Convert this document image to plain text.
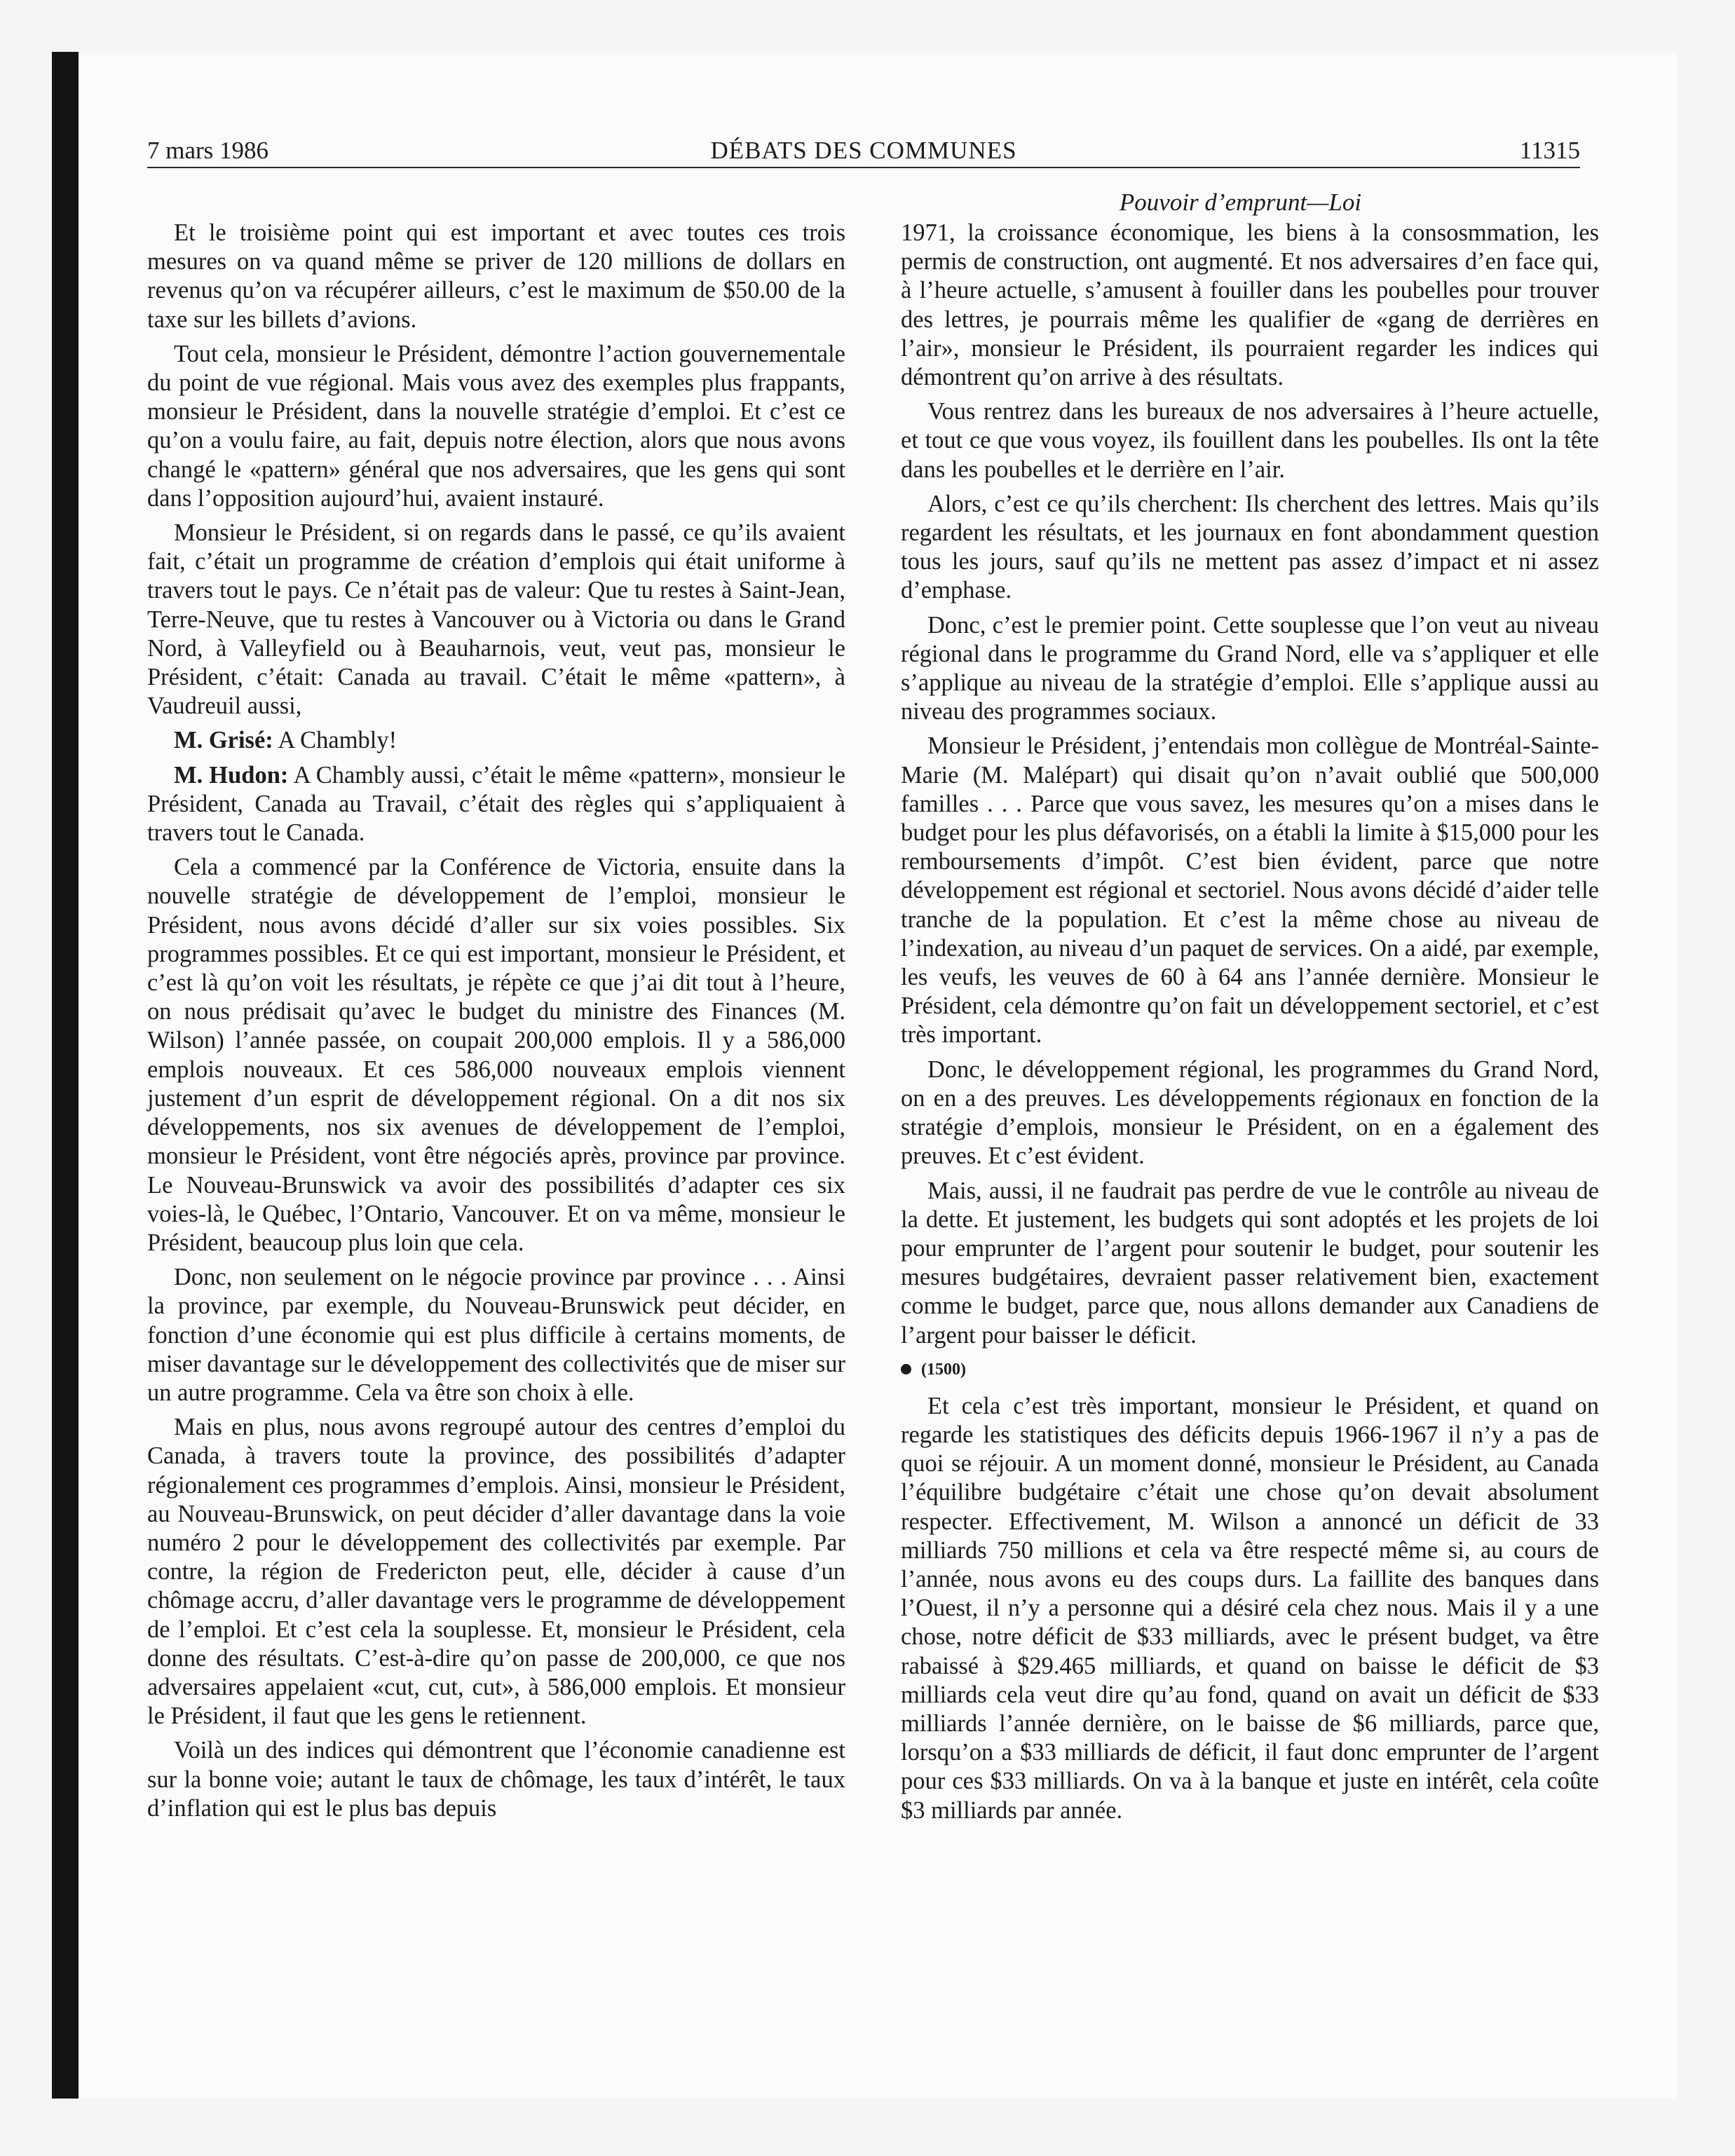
7 mars 1986	DÉBATS DES COMMUNES	11315
Pouvoir d’emprunt—Loi

Et le troisième point qui est important et avec toutes ces trois mesures on va quand même se priver de 120 millions de dollars en revenus qu’on va récupérer ailleurs, c’est le maximum de $50.00 de la taxe sur les billets d’avions.

Tout cela, monsieur le Président, démontre l’action gouvernementale du point de vue régional. Mais vous avez des exemples plus frappants, monsieur le Président, dans la nouvelle stratégie d’emploi. Et c’est ce qu’on a voulu faire, au fait, depuis notre élection, alors que nous avons changé le «pattern» général que nos adversaires, que les gens qui sont dans l’opposition aujourd’hui, avaient instauré.

Monsieur le Président, si on regards dans le passé, ce qu’ils avaient fait, c’était un programme de création d’emplois qui était uniforme à travers tout le pays. Ce n’était pas de valeur: Que tu restes à Saint-Jean, Terre-Neuve, que tu restes à Vancouver ou à Victoria ou dans le Grand Nord, à Valleyfield ou à Beauharnois, veut, veut pas, monsieur le Président, c’était: Canada au travail. C’était le même «pattern», à Vaudreuil aussi,

M. Grisé: A Chambly!

M. Hudon: A Chambly aussi, c’était le même «pattern», monsieur le Président, Canada au Travail, c’était des règles qui s’appliquaient à travers tout le Canada.

Cela a commencé par la Conférence de Victoria, ensuite dans la nouvelle stratégie de développement de l’emploi, monsieur le Président, nous avons décidé d’aller sur six voies possibles. Six programmes possibles. Et ce qui est important, monsieur le Président, et c’est là qu’on voit les résultats, je répète ce que j’ai dit tout à l’heure, on nous prédisait qu’avec le budget du ministre des Finances (M. Wilson) l’année passée, on coupait 200,000 emplois. Il y a 586,000 emplois nouveaux. Et ces 586,000 nouveaux emplois viennent justement d’un esprit de développement régional. On a dit nos six développements, nos six avenues de développement de l’emploi, monsieur le Président, vont être négociés après, province par province. Le Nouveau-Brunswick va avoir des possibilités d’adapter ces six voies-là, le Québec, l’Ontario, Vancouver. Et on va même, monsieur le Président, beaucoup plus loin que cela.

Donc, non seulement on le négocie province par province . . . Ainsi la province, par exemple, du Nouveau-Brunswick peut décider, en fonction d’une économie qui est plus difficile à certains moments, de miser davantage sur le développement des collectivités que de miser sur un autre programme. Cela va être son choix à elle.

Mais en plus, nous avons regroupé autour des centres d’emploi du Canada, à travers toute la province, des possibilités d’adapter régionalement ces programmes d’emplois. Ainsi, monsieur le Président, au Nouveau-Brunswick, on peut décider d’aller davantage dans la voie numéro 2 pour le développement des collectivités par exemple. Par contre, la région de Fredericton peut, elle, décider à cause d’un chômage accru, d’aller davantage vers le programme de développement de l’emploi. Et c’est cela la souplesse. Et, monsieur le Président, cela donne des résultats. C’est-à-dire qu’on passe de 200,000, ce que nos adversaires appelaient «cut, cut, cut», à 586,000 emplois. Et monsieur le Président, il faut que les gens le retiennent.

Voilà un des indices qui démontrent que l’économie canadienne est sur la bonne voie; autant le taux de chômage, les taux d’intérêt, le taux d’inflation qui est le plus bas depuis

1971, la croissance économique, les biens à la consosmmation, les permis de construction, ont augmenté. Et nos adversaires d’en face qui, à l’heure actuelle, s’amusent à fouiller dans les poubelles pour trouver des lettres, je pourrais même les qualifier de «gang de derrières en l’air», monsieur le Président, ils pourraient regarder les indices qui démontrent qu’on arrive à des résultats.

Vous rentrez dans les bureaux de nos adversaires à l’heure actuelle, et tout ce que vous voyez, ils fouillent dans les poubelles. Ils ont la tête dans les poubelles et le derrière en l’air.

Alors, c’est ce qu’ils cherchent: Ils cherchent des lettres. Mais qu’ils regardent les résultats, et les journaux en font abondamment question tous les jours, sauf qu’ils ne mettent pas assez d’impact et ni assez d’emphase.

Donc, c’est le premier point. Cette souplesse que l’on veut au niveau régional dans le programme du Grand Nord, elle va s’appliquer et elle s’applique au niveau de la stratégie d’emploi. Elle s’applique aussi au niveau des programmes sociaux.

Monsieur le Président, j’entendais mon collègue de Montréal-Sainte-Marie (M. Malépart) qui disait qu’on n’avait oublié que 500,000 familles . . . Parce que vous savez, les mesures qu’on a mises dans le budget pour les plus défavorisés, on a établi la limite à $15,000 pour les remboursements d’impôt. C’est bien évident, parce que notre développement est régional et sectoriel. Nous avons décidé d’aider telle tranche de la population. Et c’est la même chose au niveau de l’indexation, au niveau d’un paquet de services. On a aidé, par exemple, les veufs, les veuves de 60 à 64 ans l’année dernière. Monsieur le Président, cela démontre qu’on fait un développement sectoriel, et c’est très important.

Donc, le développement régional, les programmes du Grand Nord, on en a des preuves. Les développements régionaux en fonction de la stratégie d’emplois, monsieur le Président, on en a également des preuves. Et c’est évident.

Mais, aussi, il ne faudrait pas perdre de vue le contrôle au niveau de la dette. Et justement, les budgets qui sont adoptés et les projets de loi pour emprunter de l’argent pour soutenir le budget, pour soutenir les mesures budgétaires, devraient passer relativement bien, exactement comme le budget, parce que, nous allons demander aux Canadiens de l’argent pour baisser le déficit.

(1500)

Et cela c’est très important, monsieur le Président, et quand on regarde les statistiques des déficits depuis 1966-1967 il n’y a pas de quoi se réjouir. A un moment donné, monsieur le Président, au Canada l’équilibre budgétaire c’était une chose qu’on devait absolument respecter. Effectivement, M. Wilson a annoncé un déficit de 33 milliards 750 millions et cela va être respecté même si, au cours de l’année, nous avons eu des coups durs. La faillite des banques dans l’Ouest, il n’y a personne qui a désiré cela chez nous. Mais il y a une chose, notre déficit de $33 milliards, avec le présent budget, va être rabaissé à $29.465 milliards, et quand on baisse le déficit de $3 milliards cela veut dire qu’au fond, quand on avait un déficit de $33 milliards l’année dernière, on le baisse de $6 milliards, parce que, lorsqu’on a $33 milliards de déficit, il faut donc emprunter de l’argent pour ces $33 milliards. On va à la banque et juste en intérêt, cela coûte $3 milliards par année.
